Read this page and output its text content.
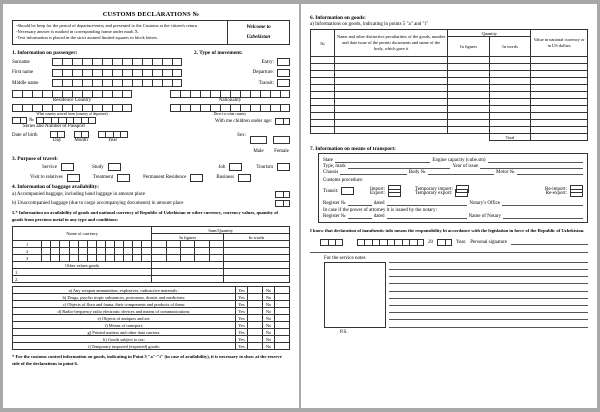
CUSTOMS DECLARATIONS №
-Should be keep for the period of departure/entry and presented to the Customs at the citizen's return
-Necessary answer is marked in corresponding frame under mark X.
-Text information is placed in the strict assined limited squares in block letters.
Welcome to
Uzbekistan
1. Information on passenger:
Surname
First name
Middle name
2. Type of movement:
Entry:
Departure:
Transit:
Residence Country	Nationality
What country arrived from (country of departure)	Direct to what country
№
Series and Number of Passport
With me children under age:
Date of birth
Day	Month	Year
Sex:
Male	Female
3. Purpose of travel:
Service	Study	Job	Tourism
Visit to relatives	Treatment	Permanent Residence	Business
4. Information of baggage availability:
a) Accompanied baggage, including hand luggage in amount place
b) Unaccompanied baggage (due to cargo accompanying documents) in amount place
5.* Information on availability of goods and national currency of Republic of Uzbekistan or other currency, currency values, quantity of goods from precious metal in any type and conditions:
Name of currency													Sum/Quantity					
													In figures					In words
1																		
2																		
3																		
Other values goods																		
1.																		
2.																		
a) Any weapon ammunition, explosives, radioactive materials :	Yes		No	
b) Drugs, psycho tropic substances, poisonous, drastic and medicines:	Yes		No	
c) Objects of flora and fauna, their components and products of them:	Yes		No	
d) Radio-frequency radio electronic devices and means of communications:	Yes		No	
e) Objects of antiques and art:	Yes		No	
f) Means of transport:	Yes		No	
g) Printed matters and other data carriers:	Yes		No	
h) Goods subject to tax:	Yes		No	
i) Temporary imported (exported) goods:	Yes		No	
* For the customs control information on goods, indicating in Point 5 "a"-"i" (in case of availability), it is necessary to show at the reserve side of the declarations in point 6.
6. Information on goods:
a) Informations on goods, indicating in points 5 "a" and "i"
№	Name and other distinctive peculiarities of the goods, number and date issue of the permit documents and name of the body, which gave it	Quantity		Value in national currency or in US dollars
		In figures	In words	

			Total	
7. Information on means of transport:
State	Engine capacity (cube.sm)
Type, mark	Year of issue
Chassis	Body №	Motor №
Customs procedure:
Import:	Temporary import:	Re-import:
Transit:	Export:	Temporary export:	Re-export:
Register №	dated	Notary's Office
In case if the power of attorney it is issued by the notary:
Register №	dated	Name of Notary
I know that declaration of inauthentic info means the responsibility bi accordance with the legislation in force of the Republic of Uzbekistan.
20	Year. Personal signature
For the service notes
P.S.
